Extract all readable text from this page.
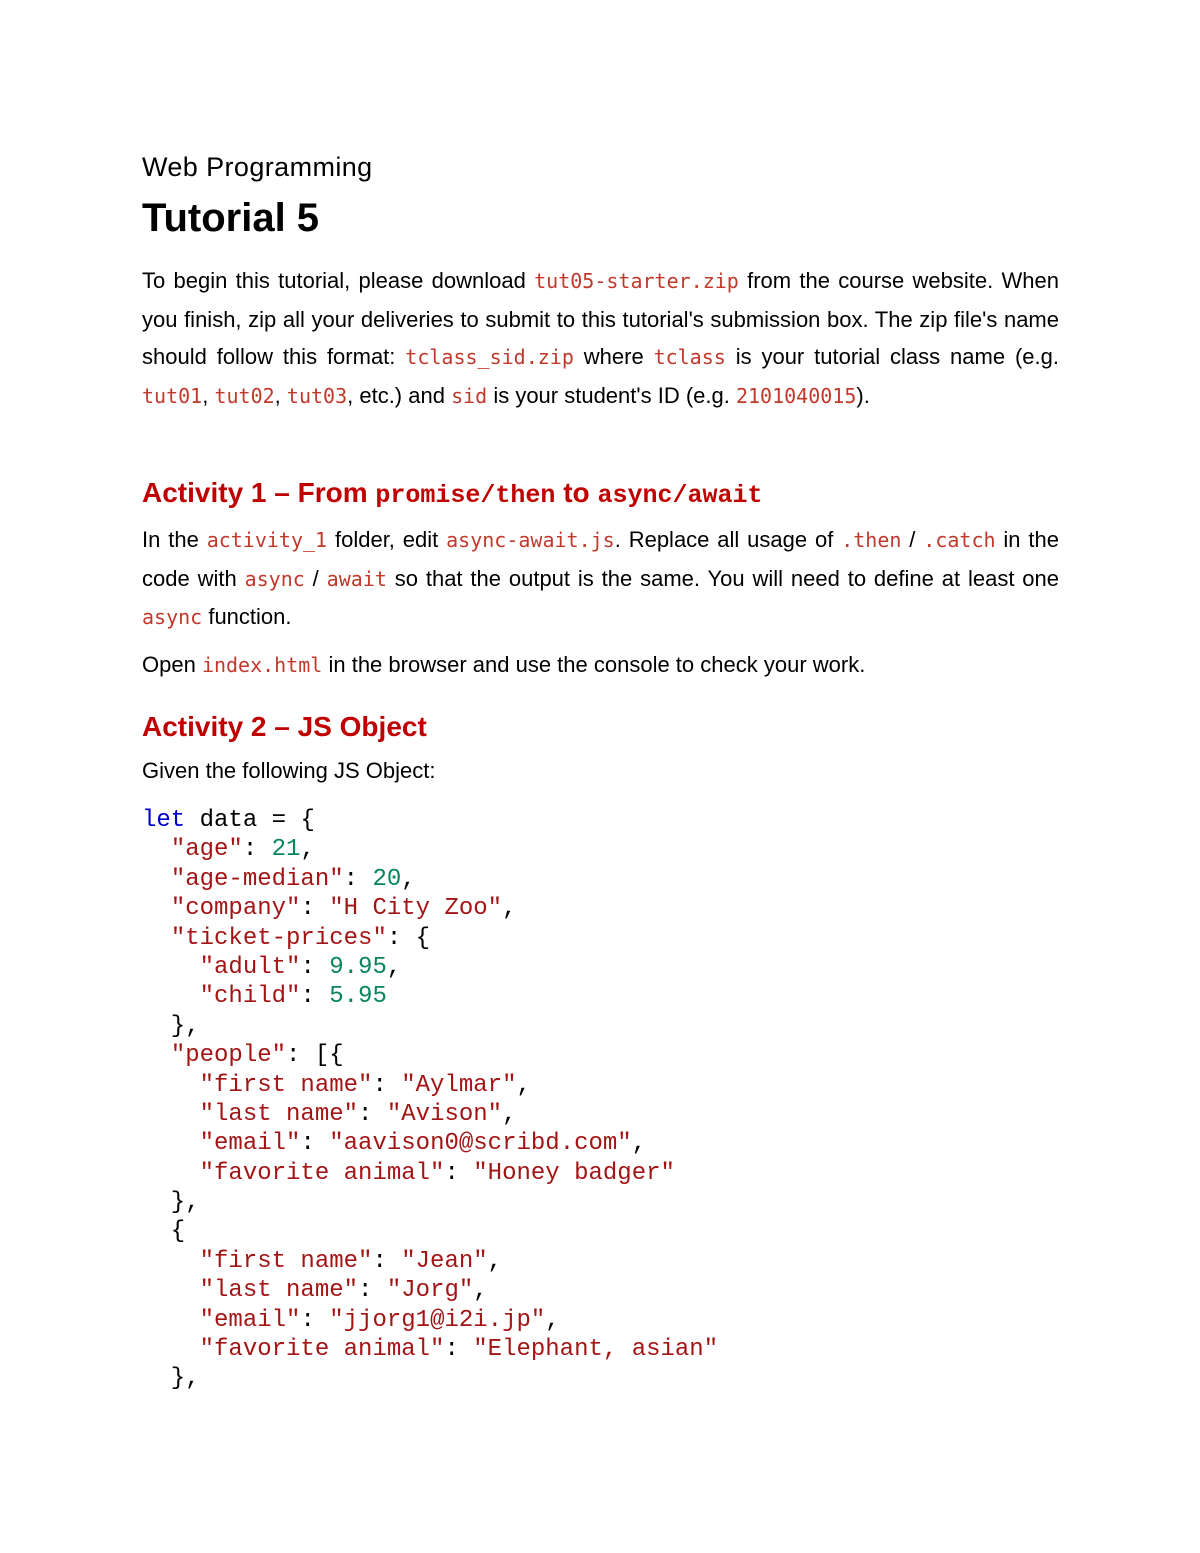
Web Programming
Tutorial 5

To begin this tutorial, please download tut05-starter.zip from the course website. When you finish, zip all your deliveries to submit to this tutorial's submission box. The zip file's name should follow this format: tclass_sid.zip where tclass is your tutorial class name (e.g. tut01, tut02, tut03, etc.) and sid is your student's ID (e.g. 2101040015).

Activity 1 – From promise/then to async/await

In the activity_1 folder, edit async-await.js. Replace all usage of .then / .catch in the code with async / await so that the output is the same. You will need to define at least one async function.

Open index.html in the browser and use the console to check your work.

Activity 2 – JS Object

Given the following JS Object:

let data = {
"age": 21,
"age-median": 20,
"company": "H City Zoo",
"ticket-prices": {
"adult": 9.95,
"child": 5.95
},
"people": [{
"first name": "Aylmar",
"last name": "Avison",
"email": "aavison0@scribd.com",
"favorite animal": "Honey badger"
},
{
"first name": "Jean",
"last name": "Jorg",
"email": "jjorg1@i2i.jp",
"favorite animal": "Elephant, asian"
},
